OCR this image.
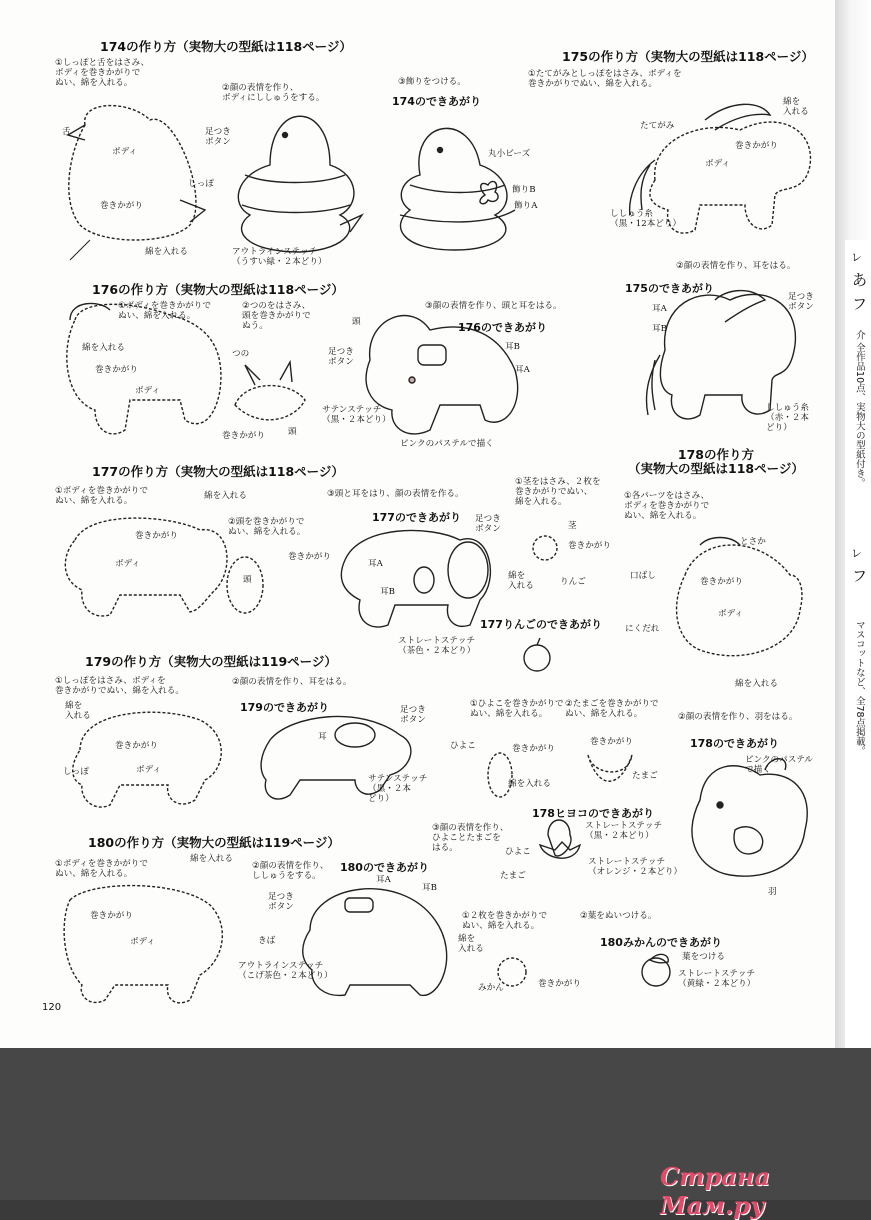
174の作り方（実物大の型紙は118ページ）
①しっぽと舌をはさみ、
ボディを巻きかがりで
ぬい、綿を入れる。
②顔の表情を作り、
ボディにししゅうをする。
③飾りをつける。
174のできあがり
舌
ボディ
しっぽ
巻きかがり
綿を入れる
足つき
ボタン
アウトラインステッチ
（うすい緑・２本どり）
丸小ビーズ
飾りB
飾りA
175の作り方（実物大の型紙は118ページ）
①たてがみとしっぽをはさみ、ボディを
巻きかがりでぬい、綿を入れる。
綿を
入れる
たてがみ
巻きかがり
ボディ
ししゅう糸
（黒・12本どり）
②顔の表情を作り、耳をはる。
175のできあがり
足つき
ボタン
耳A
耳B
ししゅう糸
（赤・２本
どり）
176の作り方（実物大の型紙は118ページ）
①ボディを巻きかがりで
ぬい、綿を入れる。
②つのをはさみ、
頭を巻きかがりで
ぬう。
③顔の表情を作り、頭と耳をはる。
176のできあがり
綿を入れる
巻きかがり
ボディ
つの
巻きかがり	頭
頭
足つき
ボタン
耳B
耳A
サテンステッチ
（黒・２本どり）
ピンクのパステルで描く
177の作り方（実物大の型紙は118ページ）
①ボディを巻きかがりで
ぬい、綿を入れる。
②頭を巻きかがりで
ぬい、綿を入れる。
③頭と耳をはり、顔の表情を作る。
177のできあがり
綿を入れる
巻きかがり
ボディ
巻きかがり
頭
足つき
ボタン
耳A
耳B
ストレートステッチ
（茶色・２本どり）
①茎をはさみ、２枚を
巻きかがりでぬい、
綿を入れる。
茎
巻きかがり
綿を
入れる	りんご
177りんごのできあがり
178の作り方
（実物大の型紙は118ページ）
①各パーツをはさみ、
ボディを巻きかがりで
ぬい、綿を入れる。
とさか
口ばし
巻きかがり
ボディ
にくだれ
綿を入れる
②顔の表情を作り、羽をはる。
178のできあがり
ピンクのパステル
で描く
羽
179の作り方（実物大の型紙は119ページ）
①しっぽをはさみ、ボディを
巻きかがりでぬい、綿を入れる。
②顔の表情を作り、耳をはる。
179のできあがり
綿を
入れる
巻きかがり
しっぽ	ボディ
足つき
ボタン
耳
サテンステッチ
（黒・２本
どり）
①ひよこを巻きかがりで
ぬい、綿を入れる。
②たまごを巻きかがりで
ぬい、綿を入れる。
ひよこ	巻きかがり
綿を入れる
巻きかがり
たまご
③顔の表情を作り、
ひよことたまごを
はる。
178ヒヨコのできあがり
ストレートステッチ
（黒・２本どり）
ひよこ
たまご
ストレートステッチ
（オレンジ・２本どり）
180の作り方（実物大の型紙は119ページ）
①ボディを巻きかがりで
ぬい、綿を入れる。
②顔の表情を作り、
ししゅうをする。
180のできあがり
綿を入れる
巻きかがり
ボディ
足つき
ボタン
耳A
耳B
きば
アウトラインステッチ
（こげ茶色・２本どり）
①２枚を巻きかがりで
ぬい、綿を入れる。
②葉をぬいつける。
綿を
入れる
みかん	巻きかがり
180みかんのできあがり
葉をつける
ストレートステッチ
（黄緑・２本どり）
120
レ
あ
フ
介 全作品10点、実物大の型紙付き。
レ
フ
マスコットなど、全78点掲載。
Страна Мам.ру
